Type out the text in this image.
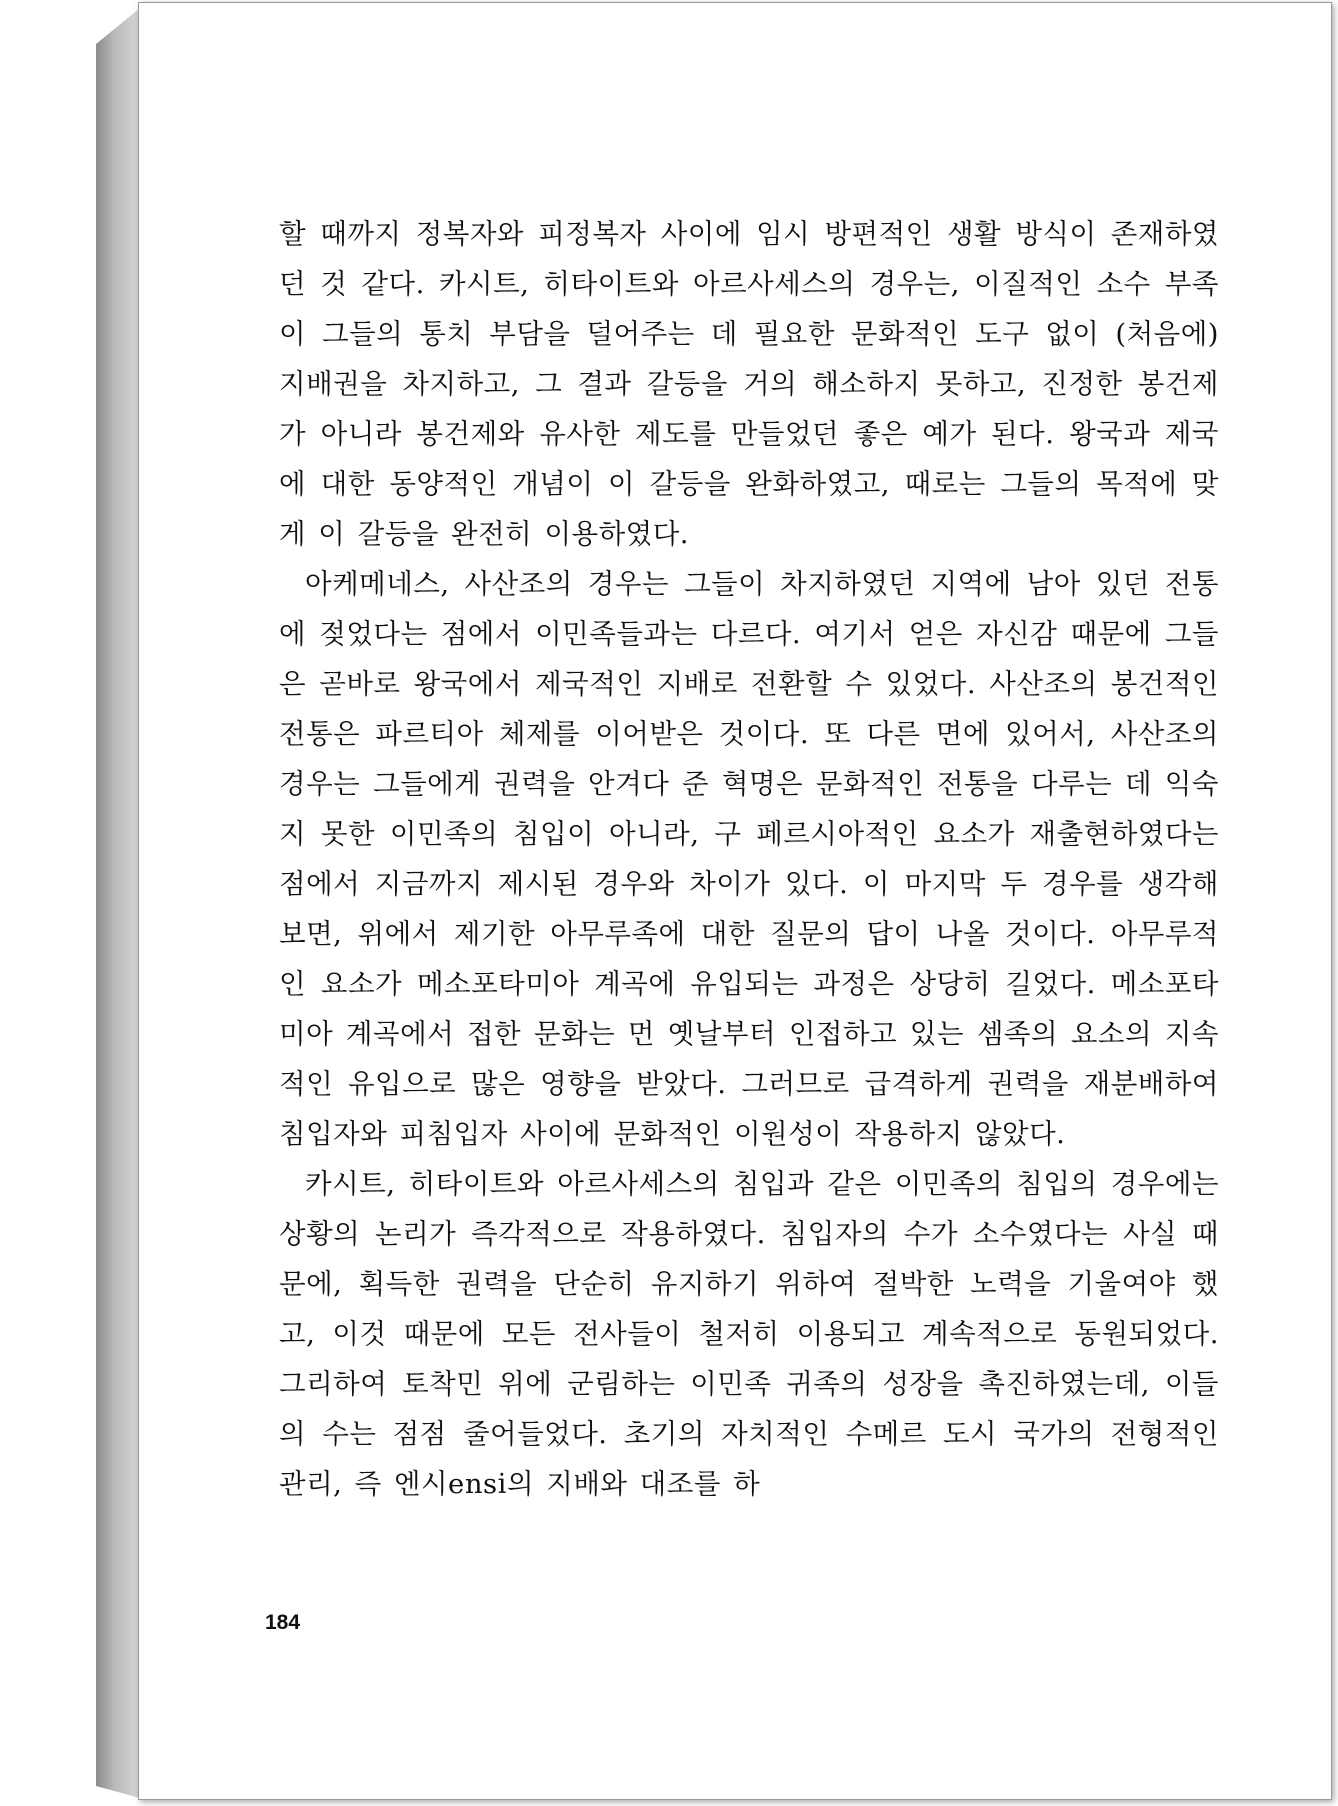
할 때까지 정복자와 피정복자 사이에 임시 방편적인 생활 방식이 존재하였던 것 같다. 카시트, 히타이트와 아르사세스의 경우는, 이질적인 소수 부족이 그들의 통치 부담을 덜어주는 데 필요한 문화적인 도구 없이 (처음에) 지배권을 차지하고, 그 결과 갈등을 거의 해소하지 못하고, 진정한 봉건제가 아니라 봉건제와 유사한 제도를 만들었던 좋은 예가 된다. 왕국과 제국에 대한 동양적인 개념이 이 갈등을 완화하였고, 때로는 그들의 목적에 맞게 이 갈등을 완전히 이용하였다.

아케메네스, 사산조의 경우는 그들이 차지하였던 지역에 남아 있던 전통에 젖었다는 점에서 이민족들과는 다르다. 여기서 얻은 자신감 때문에 그들은 곧바로 왕국에서 제국적인 지배로 전환할 수 있었다. 사산조의 봉건적인 전통은 파르티아 체제를 이어받은 것이다. 또 다른 면에 있어서, 사산조의 경우는 그들에게 권력을 안겨다 준 혁명은 문화적인 전통을 다루는 데 익숙지 못한 이민족의 침입이 아니라, 구 페르시아적인 요소가 재출현하였다는 점에서 지금까지 제시된 경우와 차이가 있다. 이 마지막 두 경우를 생각해 보면, 위에서 제기한 아무루족에 대한 질문의 답이 나올 것이다. 아무루적인 요소가 메소포타미아 계곡에 유입되는 과정은 상당히 길었다. 메소포타미아 계곡에서 접한 문화는 먼 옛날부터 인접하고 있는 셈족의 요소의 지속적인 유입으로 많은 영향을 받았다. 그러므로 급격하게 권력을 재분배하여 침입자와 피침입자 사이에 문화적인 이원성이 작용하지 않았다.

카시트, 히타이트와 아르사세스의 침입과 같은 이민족의 침입의 경우에는 상황의 논리가 즉각적으로 작용하였다. 침입자의 수가 소수였다는 사실 때문에, 획득한 권력을 단순히 유지하기 위하여 절박한 노력을 기울여야 했고, 이것 때문에 모든 전사들이 철저히 이용되고 계속적으로 동원되었다. 그리하여 토착민 위에 군림하는 이민족 귀족의 성장을 촉진하였는데, 이들의 수는 점점 줄어들었다. 초기의 자치적인 수메르 도시 국가의 전형적인 관리, 즉 엔시ensi의 지배와 대조를 하

184
